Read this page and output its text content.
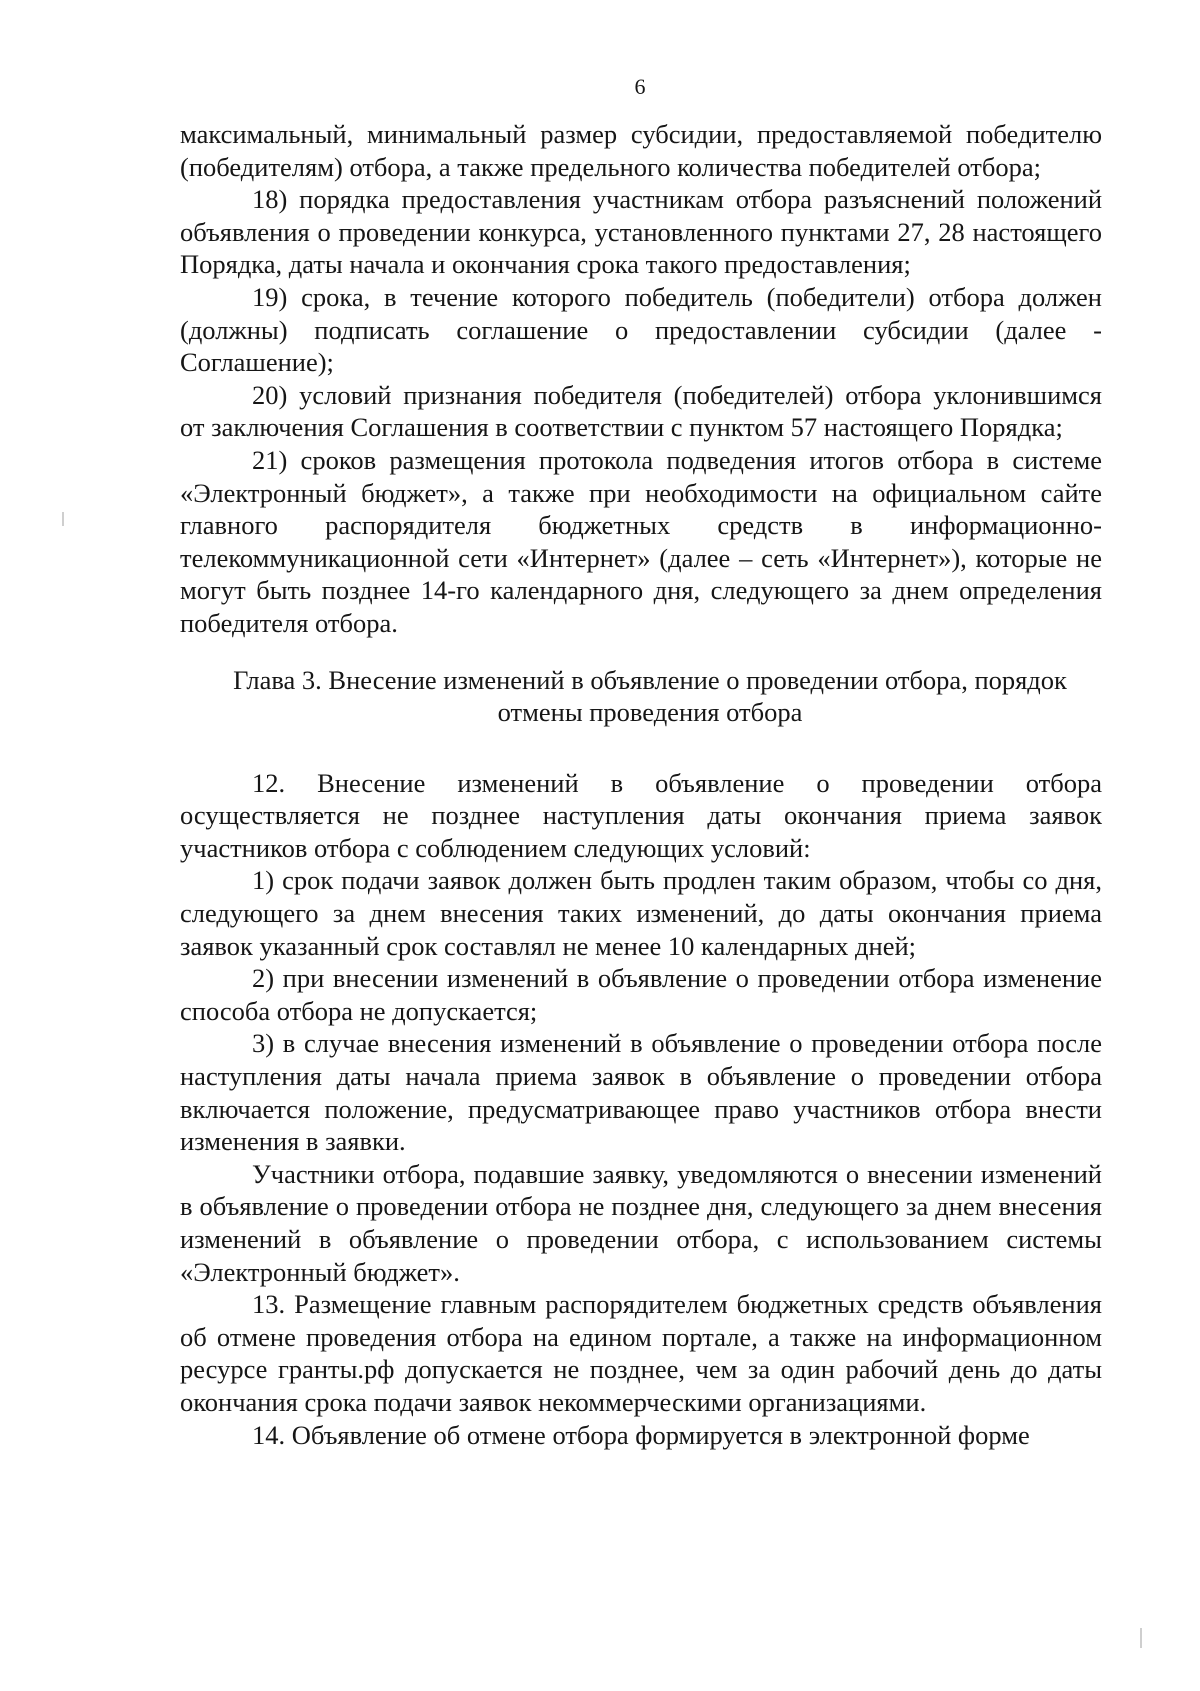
6

максимальный, минимальный размер субсидии, предоставляемой победителю (победителям) отбора, а также предельного количества победителей отбора;

18) порядка предоставления участникам отбора разъяснений положений объявления о проведении конкурса, установленного пунктами 27, 28 настоящего Порядка, даты начала и окончания срока такого предоставления;

19) срока, в течение которого победитель (победители) отбора должен (должны) подписать соглашение о предоставлении субсидии (далее - Соглашение);

20) условий признания победителя (победителей) отбора уклонившимся от заключения Соглашения в соответствии с пунктом 57 настоящего Порядка;

21) сроков размещения протокола подведения итогов отбора в системе «Электронный бюджет», а также при необходимости на официальном сайте главного распорядителя бюджетных средств в информационно-телекоммуникационной сети «Интернет» (далее – сеть «Интернет»), которые не могут быть позднее 14-го календарного дня, следующего за днем определения победителя отбора.

Глава 3. Внесение изменений в объявление о проведении отбора, порядок
отмены проведения отбора

12. Внесение изменений в объявление о проведении отбора осуществляется не позднее наступления даты окончания приема заявок участников отбора с соблюдением следующих условий:

1) срок подачи заявок должен быть продлен таким образом, чтобы со дня, следующего за днем внесения таких изменений, до даты окончания приема заявок указанный срок составлял не менее 10 календарных дней;

2) при внесении изменений в объявление о проведении отбора изменение способа отбора не допускается;

3) в случае внесения изменений в объявление о проведении отбора после наступления даты начала приема заявок в объявление о проведении отбора включается положение, предусматривающее право участников отбора внести изменения в заявки.

Участники отбора, подавшие заявку, уведомляются о внесении изменений в объявление о проведении отбора не позднее дня, следующего за днем внесения изменений в объявление о проведении отбора, с использованием системы «Электронный бюджет».

13. Размещение главным распорядителем бюджетных средств объявления об отмене проведения отбора на едином портале, а также на информационном ресурсе гранты.рф допускается не позднее, чем за один рабочий день до даты окончания срока подачи заявок некоммерческими организациями.

14. Объявление об отмене отбора формируется в электронной форме
